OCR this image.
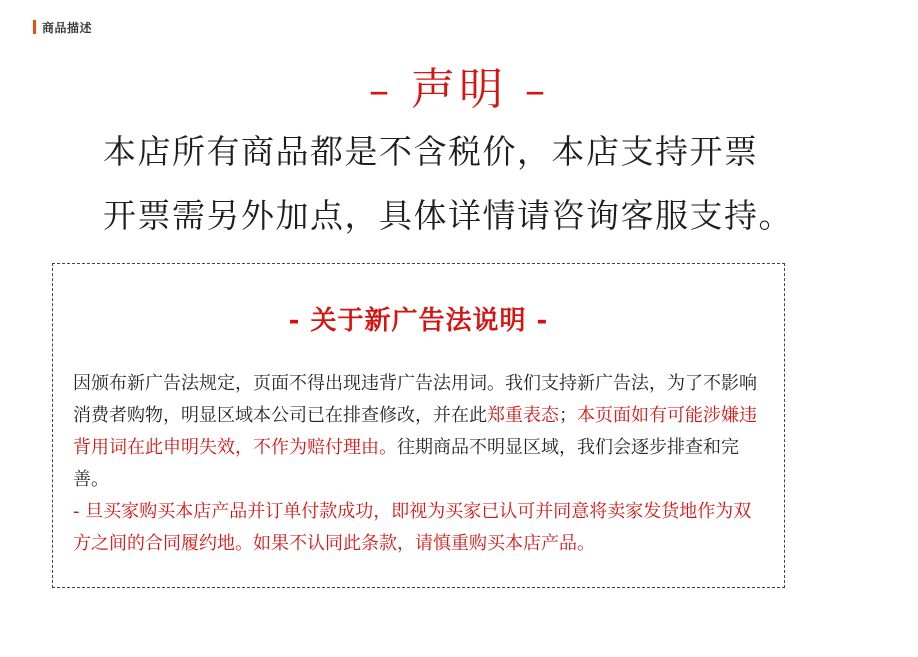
商品描述
– 声明 –
本店所有商品都是不含税价，本店支持开票
开票需另外加点，具体详情请咨询客服支持。
- 关于新广告法说明 -

因颁布新广告法规定，页面不得出现违背广告法用词。我们支持新广告法，为了不影响消费者购物，明显区域本公司已在排查修改，并在此郑重表态；本页面如有可能涉嫌违背用词在此申明失效，不作为赔付理由。往期商品不明显区域，我们会逐步排查和完善。

- 旦买家购买本店产品并订单付款成功，即视为买家已认可并同意将卖家发货地作为双方之间的合同履约地。如果不认同此条款，请慎重购买本店产品。
